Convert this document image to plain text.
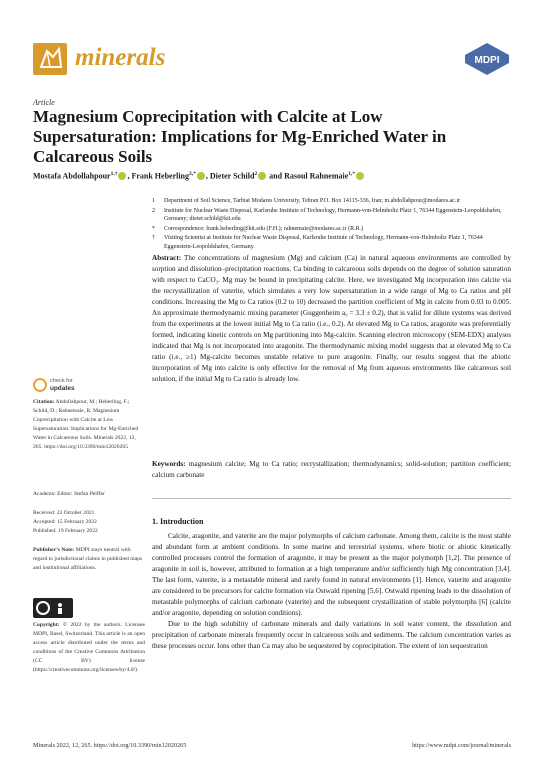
minerals	MDPI
Article
Magnesium Coprecipitation with Calcite at Low Supersaturation: Implications for Mg-Enriched Water in Calcareous Soils
Mostafa Abdollahpour$^{1,\dagger}$ , Frank Heberling$^{2,*}$ , Dieter Schild$^2$ and Rasoul Rahnemaie$^{1,*}$
1 Department of Soil Science, Tarbiat Modares University, Tehran P.O. Box 14115-336, Iran; m.abdollahpour@modares.ac.ir
2 Institute for Nuclear Waste Disposal, Karlsruhe Institute of Technology, Hermann-von-Helmholtz Platz 1, 76344 Eggenstein-Leopoldshafen, Germany; dieter.schild@kit.edu
* Correspondence: frank.heberling@kit.edu (F.H.); rahnemaie@modares.ac.ir (R.R.)
† Visiting Scientist at Institute for Nuclear Waste Disposal, Karlsruhe Institute of Technology, Hermann-von-Helmholtz Platz 1, 76344 Eggenstein-Leopoldshafen, Germany.
Abstract: The concentrations of magnesium (Mg) and calcium (Ca) in natural aqueous environments are controlled by sorption and dissolution–precipitation reactions. Ca binding in calcareous soils depends on the degree of solution saturation with respect to CaCO₃. Mg may be bound in precipitating calcite. Here, we investigated Mg incorporation into calcite via the recrystallization of vaterite, which simulates a very low supersaturation in a wide range of Mg to Ca ratios and pH conditions. Increasing the Mg to Ca ratios (0.2 to 10) decreased the partition coefficient of Mg in calcite from 0.03 to 0.005. An approximate thermodynamic mixing parameter (Guggenheim a₀ = 3.3 ± 0.2), that is valid for dilute systems was derived from the experiments at the lowest initial Mg to Ca ratio (i.e., 0.2). At elevated Mg to Ca ratios, aragonite was preferentially formed, indicating kinetic controls on Mg partitioning into Mg-calcite. Scanning electron microscopy (SEM-EDX) analyses indicated that Mg is not incorporated into aragonite. The thermodynamic mixing model suggests that at elevated Mg to Ca ratio (i.e., ≥1) Mg-calcite becomes unstable relative to pure aragonite. Finally, our results suggest that the abiotic incorporation of Mg into calcite is only effective for the removal of Mg from aqueous environments like calcareous soil solution, if the initial Mg to Ca ratio is already low.
Keywords: magnesium calcite; Mg to Ca ratio; recrystallization; thermodynamics; solid-solution; partition coefficient; calcium carbonate
1. Introduction

Calcite, aragonite, and vaterite are the major polymorphs of calcium carbonate. Among them, calcite is the most stable and abundant form at ambient conditions. In some marine and terrestrial systems, where biotic or abiotic kinetically controlled processes control the formation of aragonite, it may be present as the major polymorph [1,2]. The presence of aragonite in soil is, however, attributed to formation at a high temperature and/or sufficiently high Mg concentration [3,4]. The last form, vaterite, is a metastable mineral and rarely found in natural environments [1]. Hence, vaterite and aragonite are considered to be precursors for calcite formation via Ostwald ripening [5,6]. Ostwald ripening leads to the dissolution of metastable polymorphs of calcium carbonate (vaterite) and the subsequent crystallization of stable polymorphs [6] (calcite and/or aragonite, depending on solution conditions).

Due to the high solubility of carbonate minerals and daily variations in soil water content, the dissolution and precipitation of carbonate minerals frequently occur in calcareous soils and sediments. The calcium concentration varies as these processes occur. Ions other than Ca may also be sequestered by coprecipitation. The extent of ion sequestration

check for
updates
Citation: Abdollahpour, M.; Heberling, F.; Schild, D.; Rahnemaie, R. Magnesium Coprecipitation with Calcite at Low Supersaturation: Implications for Mg-Enriched Water in Calcareous Soils. Minerals 2022, 12, 265. https://doi.org/10.3390/min12020265
Academic Editor: Stefan Peiffer
Received: 22 October 2021
Accepted: 15 February 2022
Published: 19 February 2022
Publisher’s Note: MDPI stays neutral with regard to jurisdictional claims in published maps and institutional affiliations.
Copyright: © 2022 by the authors. Licensee MDPI, Basel, Switzerland. This article is an open access article distributed under the terms and conditions of the Creative Commons Attribution (CC BY) license (https://creativecommons.org/licenses/by/4.0/).
Minerals 2022, 12, 265. https://doi.org/10.3390/min12020265	https://www.mdpi.com/journal/minerals
